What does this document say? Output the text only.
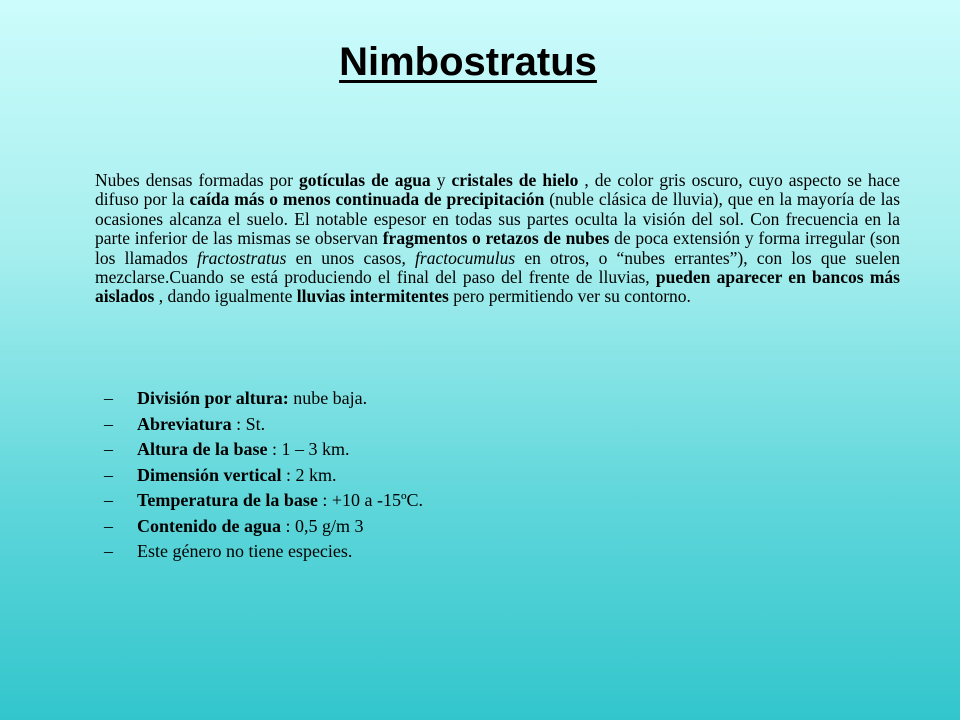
Nimbostratus

Nubes densas formadas por gotículas de agua y cristales de hielo , de color gris oscuro, cuyo aspecto se hace difuso por la caída más o menos continuada de precipitación (nuble clásica de lluvia), que en la mayoría de las ocasiones alcanza el suelo. El notable espesor en todas sus partes oculta la visión del sol. Con frecuencia en la parte inferior de las mismas se observan fragmentos o retazos de nubes de poca extensión y forma irregular (son los llamados fractostratus en unos casos, fractocumulus en otros, o “nubes errantes”), con los que suelen mezclarse.Cuando se está produciendo el final del paso del frente de lluvias, pueden aparecer en bancos más aislados , dando igualmente lluvias intermitentes pero permitiendo ver su contorno.

– División por altura: nube baja.
– Abreviatura : St.
– Altura de la base : 1 – 3 km.
– Dimensión vertical : 2 km.
– Temperatura de la base : +10 a -15ºC.
– Contenido de agua : 0,5 g/m 3
– Este género no tiene especies.
